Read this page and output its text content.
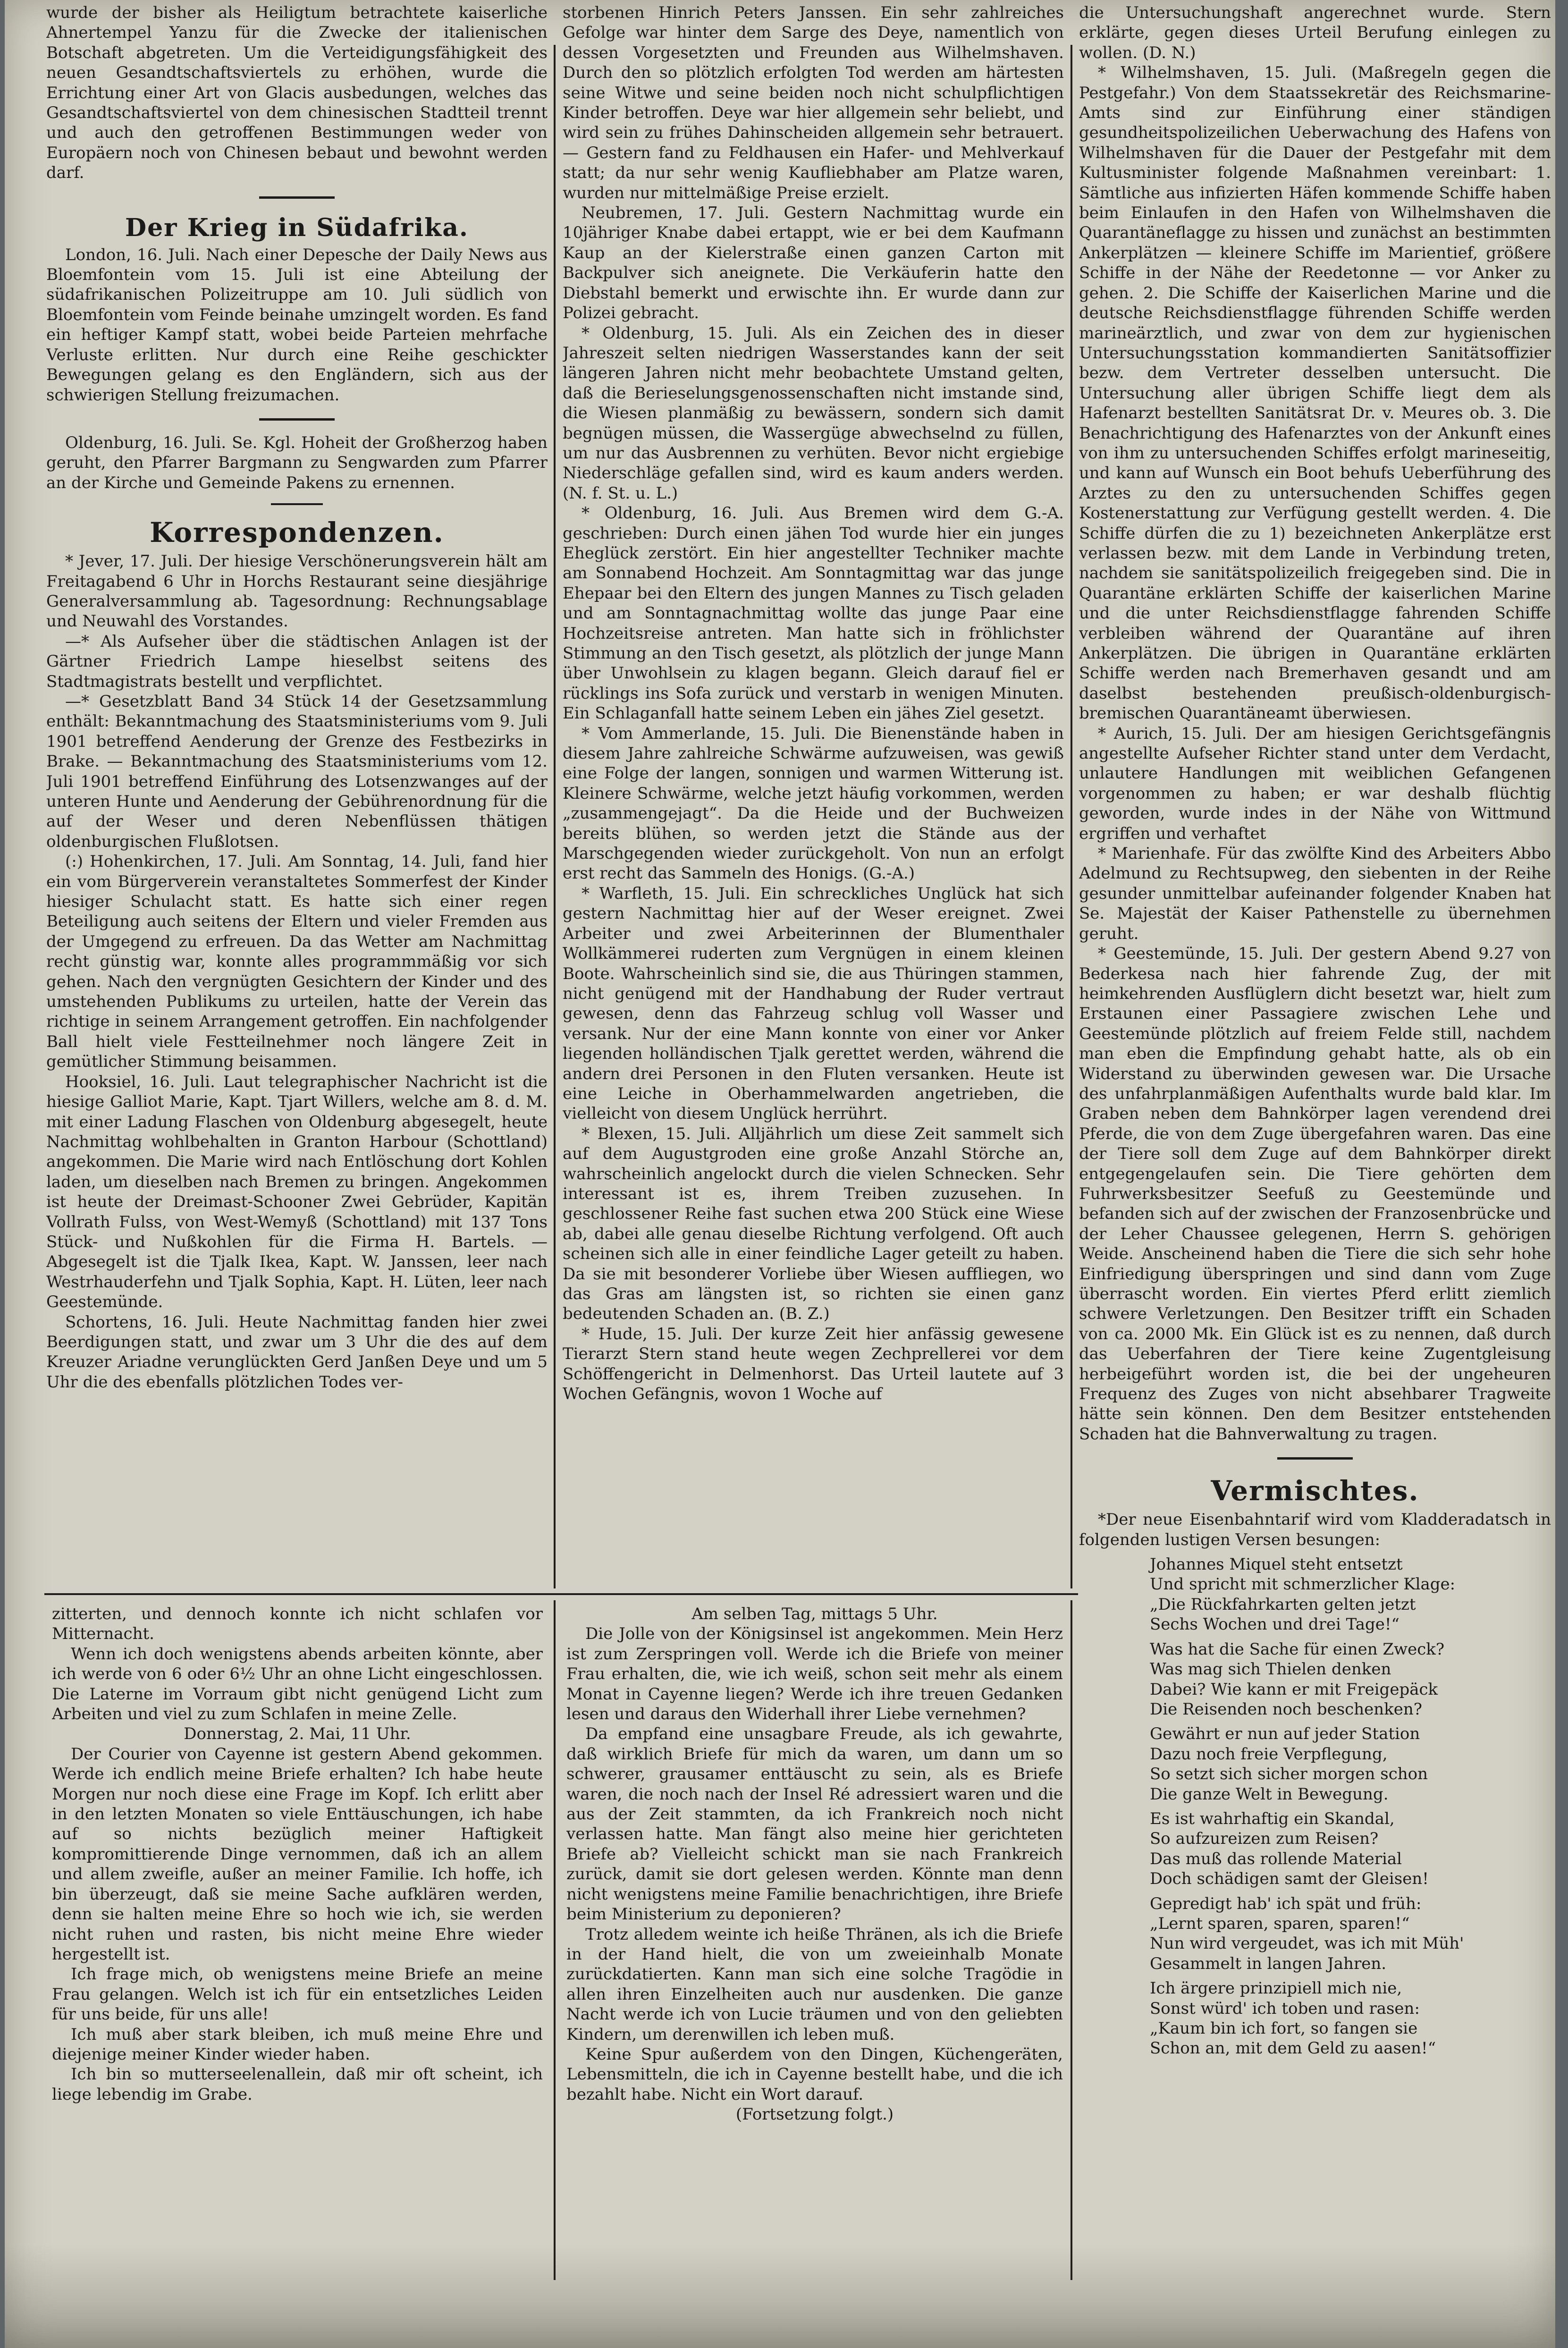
wurde der bisher als Heiligtum betrachtete kaiserliche Ahnertempel Yanzu für die Zwecke der italienischen Botschaft abgetreten. Um die Verteidigungsfähigkeit des neuen Gesandtschaftsviertels zu erhöhen, wurde die Errichtung einer Art von Glacis ausbedungen, welches das Gesandtschaftsviertel von dem chinesischen Stadtteil trennt und auch den getroffenen Bestimmungen weder von Europäern noch von Chinesen bebaut und bewohnt werden darf.

Der Krieg in Südafrika.

London, 16. Juli. Nach einer Depesche der Daily News aus Bloemfontein vom 15. Juli ist eine Abteilung der südafrikanischen Polizeitruppe am 10. Juli südlich von Bloemfontein vom Feinde beinahe umzingelt worden. Es fand ein heftiger Kampf statt, wobei beide Parteien mehrfache Verluste erlitten. Nur durch eine Reihe geschickter Bewegungen gelang es den Engländern, sich aus der schwierigen Stellung freizumachen.

Oldenburg, 16. Juli. Se. Kgl. Hoheit der Großherzog haben geruht, den Pfarrer Bargmann zu Sengwarden zum Pfarrer an der Kirche und Gemeinde Pakens zu ernennen.

Korrespondenzen.

* Jever, 17. Juli. Der hiesige Verschönerungsverein hält am Freitagabend 6 Uhr in Horchs Restaurant seine diesjährige Generalversammlung ab. Tagesordnung: Rechnungsablage und Neuwahl des Vorstandes.

—* Als Aufseher über die städtischen Anlagen ist der Gärtner Friedrich Lampe hieselbst seitens des Stadtmagistrats bestellt und verpflichtet.

—* Gesetzblatt Band 34 Stück 14 der Gesetzsammlung enthält: Bekanntmachung des Staatsministeriums vom 9. Juli 1901 betreffend Aenderung der Grenze des Festbezirks in Brake. — Bekanntmachung des Staatsministeriums vom 12. Juli 1901 betreffend Einführung des Lotsenzwanges auf der unteren Hunte und Aenderung der Gebührenordnung für die auf der Weser und deren Nebenflüssen thätigen oldenburgischen Flußlotsen.

(:) Hohenkirchen, 17. Juli. Am Sonntag, 14. Juli, fand hier ein vom Bürgerverein veranstaltetes Sommerfest der Kinder hiesiger Schulacht statt. Es hatte sich einer regen Beteiligung auch seitens der Eltern und vieler Fremden aus der Umgegend zu erfreuen. Da das Wetter am Nachmittag recht günstig war, konnte alles programmmäßig vor sich gehen. Nach den vergnügten Gesichtern der Kinder und des umstehenden Publikums zu urteilen, hatte der Verein das richtige in seinem Arrangement getroffen. Ein nachfolgender Ball hielt viele Festteilnehmer noch längere Zeit in gemütlicher Stimmung beisammen.

Hooksiel, 16. Juli. Laut telegraphischer Nachricht ist die hiesige Galliot Marie, Kapt. Tjart Willers, welche am 8. d. M. mit einer Ladung Flaschen von Oldenburg abgesegelt, heute Nachmittag wohlbehalten in Granton Harbour (Schottland) angekommen. Die Marie wird nach Entlöschung dort Kohlen laden, um dieselben nach Bremen zu bringen. Angekommen ist heute der Dreimast-Schooner Zwei Gebrüder, Kapitän Vollrath Fulss, von West-Wemyß (Schottland) mit 137 Tons Stück- und Nußkohlen für die Firma H. Bartels. — Abgesegelt ist die Tjalk Ikea, Kapt. W. Janssen, leer nach Westrhauderfehn und Tjalk Sophia, Kapt. H. Lüten, leer nach Geestemünde.

Schortens, 16. Juli. Heute Nachmittag fanden hier zwei Beerdigungen statt, und zwar um 3 Uhr die des auf dem Kreuzer Ariadne verunglückten Gerd Janßen Deye und um 5 Uhr die des ebenfalls plötzlichen Todes ver-

storbenen Hinrich Peters Janssen. Ein sehr zahlreiches Gefolge war hinter dem Sarge des Deye, namentlich von dessen Vorgesetzten und Freunden aus Wilhelmshaven. Durch den so plötzlich erfolgten Tod werden am härtesten seine Witwe und seine beiden noch nicht schulpflichtigen Kinder betroffen. Deye war hier allgemein sehr beliebt, und wird sein zu frühes Dahinscheiden allgemein sehr betrauert. — Gestern fand zu Feldhausen ein Hafer- und Mehlverkauf statt; da nur sehr wenig Kaufliebhaber am Platze waren, wurden nur mittelmäßige Preise erzielt.

Neubremen, 17. Juli. Gestern Nachmittag wurde ein 10jähriger Knabe dabei ertappt, wie er bei dem Kaufmann Kaup an der Kielerstraße einen ganzen Carton mit Backpulver sich aneignete. Die Verkäuferin hatte den Diebstahl bemerkt und erwischte ihn. Er wurde dann zur Polizei gebracht.

* Oldenburg, 15. Juli. Als ein Zeichen des in dieser Jahreszeit selten niedrigen Wasserstandes kann der seit längeren Jahren nicht mehr beobachtete Umstand gelten, daß die Berieselungsgenossenschaften nicht imstande sind, die Wiesen planmäßig zu bewässern, sondern sich damit begnügen müssen, die Wassergüge abwechselnd zu füllen, um nur das Ausbrennen zu verhüten. Bevor nicht ergiebige Niederschläge gefallen sind, wird es kaum anders werden. (N. f. St. u. L.)

* Oldenburg, 16. Juli. Aus Bremen wird dem G.-A. geschrieben: Durch einen jähen Tod wurde hier ein junges Eheglück zerstört. Ein hier angestellter Techniker machte am Sonnabend Hochzeit. Am Sonntagmittag war das junge Ehepaar bei den Eltern des jungen Mannes zu Tisch geladen und am Sonntagnachmittag wollte das junge Paar eine Hochzeitsreise antreten. Man hatte sich in fröhlichster Stimmung an den Tisch gesetzt, als plötzlich der junge Mann über Unwohlsein zu klagen begann. Gleich darauf fiel er rücklings ins Sofa zurück und verstarb in wenigen Minuten. Ein Schlaganfall hatte seinem Leben ein jähes Ziel gesetzt.

* Vom Ammerlande, 15. Juli. Die Bienenstände haben in diesem Jahre zahlreiche Schwärme aufzuweisen, was gewiß eine Folge der langen, sonnigen und warmen Witterung ist. Kleinere Schwärme, welche jetzt häufig vorkommen, werden „zusammengejagt“. Da die Heide und der Buchweizen bereits blühen, so werden jetzt die Stände aus der Marschgegenden wieder zurückgeholt. Von nun an erfolgt erst recht das Sammeln des Honigs. (G.-A.)

* Warfleth, 15. Juli. Ein schreckliches Unglück hat sich gestern Nachmittag hier auf der Weser ereignet. Zwei Arbeiter und zwei Arbeiterinnen der Blumenthaler Wollkämmerei ruderten zum Vergnügen in einem kleinen Boote. Wahrscheinlich sind sie, die aus Thüringen stammen, nicht genügend mit der Handhabung der Ruder vertraut gewesen, denn das Fahrzeug schlug voll Wasser und versank. Nur der eine Mann konnte von einer vor Anker liegenden holländischen Tjalk gerettet werden, während die andern drei Personen in den Fluten versanken. Heute ist eine Leiche in Oberhammelwarden angetrieben, die vielleicht von diesem Unglück herrührt.

* Blexen, 15. Juli. Alljährlich um diese Zeit sammelt sich auf dem Augustgroden eine große Anzahl Störche an, wahrscheinlich angelockt durch die vielen Schnecken. Sehr interessant ist es, ihrem Treiben zuzusehen. In geschlossener Reihe fast suchen etwa 200 Stück eine Wiese ab, dabei alle genau dieselbe Richtung verfolgend. Oft auch scheinen sich alle in einer feindliche Lager geteilt zu haben. Da sie mit besonderer Vorliebe über Wiesen auffliegen, wo das Gras am längsten ist, so richten sie einen ganz bedeutenden Schaden an. (B. Z.)

* Hude, 15. Juli. Der kurze Zeit hier anfässig gewesene Tierarzt Stern stand heute wegen Zechprellerei vor dem Schöffengericht in Delmenhorst. Das Urteil lautete auf 3 Wochen Gefängnis, wovon 1 Woche auf

die Untersuchungshaft angerechnet wurde. Stern erklärte, gegen dieses Urteil Berufung einlegen zu wollen. (D. N.)

* Wilhelmshaven, 15. Juli. (Maßregeln gegen die Pestgefahr.) Von dem Staatssekretär des Reichsmarine-Amts sind zur Einführung einer ständigen gesundheitspolizeilichen Ueberwachung des Hafens von Wilhelmshaven für die Dauer der Pestgefahr mit dem Kultusminister folgende Maßnahmen vereinbart: 1. Sämtliche aus infizierten Häfen kommende Schiffe haben beim Einlaufen in den Hafen von Wilhelmshaven die Quarantäneflagge zu hissen und zunächst an bestimmten Ankerplätzen — kleinere Schiffe im Marientief, größere Schiffe in der Nähe der Reedetonne — vor Anker zu gehen. 2. Die Schiffe der Kaiserlichen Marine und die deutsche Reichsdienstflagge führenden Schiffe werden marineärztlich, und zwar von dem zur hygienischen Untersuchungsstation kommandierten Sanitätsoffizier bezw. dem Vertreter desselben untersucht. Die Untersuchung aller übrigen Schiffe liegt dem als Hafenarzt bestellten Sanitätsrat Dr. v. Meures ob. 3. Die Benachrichtigung des Hafenarztes von der Ankunft eines von ihm zu untersuchenden Schiffes erfolgt marineseitig, und kann auf Wunsch ein Boot behufs Ueberführung des Arztes zu den zu untersuchenden Schiffes gegen Kostenerstattung zur Verfügung gestellt werden. 4. Die Schiffe dürfen die zu 1) bezeichneten Ankerplätze erst verlassen bezw. mit dem Lande in Verbindung treten, nachdem sie sanitätspolizeilich freigegeben sind. Die in Quarantäne erklärten Schiffe der kaiserlichen Marine und die unter Reichsdienstflagge fahrenden Schiffe verbleiben während der Quarantäne auf ihren Ankerplätzen. Die übrigen in Quarantäne erklärten Schiffe werden nach Bremerhaven gesandt und am daselbst bestehenden preußisch-oldenburgisch-bremischen Quarantäneamt überwiesen.

* Aurich, 15. Juli. Der am hiesigen Gerichtsgefängnis angestellte Aufseher Richter stand unter dem Verdacht, unlautere Handlungen mit weiblichen Gefangenen vorgenommen zu haben; er war deshalb flüchtig geworden, wurde indes in der Nähe von Wittmund ergriffen und verhaftet

* Marienhafe. Für das zwölfte Kind des Arbeiters Abbo Adelmund zu Rechtsupweg, den siebenten in der Reihe gesunder unmittelbar aufeinander folgender Knaben hat Se. Majestät der Kaiser Pathenstelle zu übernehmen geruht.

* Geestemünde, 15. Juli. Der gestern Abend 9.27 von Bederkesa nach hier fahrende Zug, der mit heimkehrenden Ausflüglern dicht besetzt war, hielt zum Erstaunen einer Passagiere zwischen Lehe und Geestemünde plötzlich auf freiem Felde still, nachdem man eben die Empfindung gehabt hatte, als ob ein Widerstand zu überwinden gewesen war. Die Ursache des unfahrplanmäßigen Aufenthalts wurde bald klar. Im Graben neben dem Bahnkörper lagen verendend drei Pferde, die von dem Zuge übergefahren waren. Das eine der Tiere soll dem Zuge auf dem Bahnkörper direkt entgegengelaufen sein. Die Tiere gehörten dem Fuhrwerksbesitzer Seefuß zu Geestemünde und befanden sich auf der zwischen der Franzosenbrücke und der Leher Chaussee gelegenen, Herrn S. gehörigen Weide. Anscheinend haben die Tiere die sich sehr hohe Einfriedigung überspringen und sind dann vom Zuge überrascht worden. Ein viertes Pferd erlitt ziemlich schwere Verletzungen. Den Besitzer trifft ein Schaden von ca. 2000 Mk. Ein Glück ist es zu nennen, daß durch das Ueberfahren der Tiere keine Zugentgleisung herbeigeführt worden ist, die bei der ungeheuren Frequenz des Zuges von nicht absehbarer Tragweite hätte sein können. Den dem Besitzer entstehenden Schaden hat die Bahnverwaltung zu tragen.

Vermischtes.

*Der neue Eisenbahntarif wird vom Kladderadatsch in folgenden lustigen Versen besungen:

Johannes Miquel steht entsetzt

Und spricht mit schmerzlicher Klage:

„Die Rückfahrkarten gelten jetzt

Sechs Wochen und drei Tage!“

Was hat die Sache für einen Zweck?

Was mag sich Thielen denken

Dabei? Wie kann er mit Freigepäck

Die Reisenden noch beschenken?

Gewährt er nun auf jeder Station

Dazu noch freie Verpflegung,

So setzt sich sicher morgen schon

Die ganze Welt in Bewegung.

Es ist wahrhaftig ein Skandal,

So aufzureizen zum Reisen?

Das muß das rollende Material

Doch schädigen samt der Gleisen!

Gepredigt hab' ich spät und früh:

„Lernt sparen, sparen, sparen!“

Nun wird vergeudet, was ich mit Müh'

Gesammelt in langen Jahren.

Ich ärgere prinzipiell mich nie,

Sonst würd' ich toben und rasen:

„Kaum bin ich fort, so fangen sie

Schon an, mit dem Geld zu aasen!“

zitterten, und dennoch konnte ich nicht schlafen vor Mitternacht.

Wenn ich doch wenigstens abends arbeiten könnte, aber ich werde von 6 oder 6½ Uhr an ohne Licht eingeschlossen. Die Laterne im Vorraum gibt nicht genügend Licht zum Arbeiten und viel zu zum Schlafen in meine Zelle.

Donnerstag, 2. Mai, 11 Uhr.

Der Courier von Cayenne ist gestern Abend gekommen. Werde ich endlich meine Briefe erhalten? Ich habe heute Morgen nur noch diese eine Frage im Kopf. Ich erlitt aber in den letzten Monaten so viele Enttäuschungen, ich habe auf so nichts bezüglich meiner Haftigkeit kompromittierende Dinge vernommen, daß ich an allem und allem zweifle, außer an meiner Familie. Ich hoffe, ich bin überzeugt, daß sie meine Sache aufklären werden, denn sie halten meine Ehre so hoch wie ich, sie werden nicht ruhen und rasten, bis nicht meine Ehre wieder hergestellt ist.

Ich frage mich, ob wenigstens meine Briefe an meine Frau gelangen. Welch ist ich für ein entsetzliches Leiden für uns beide, für uns alle!

Ich muß aber stark bleiben, ich muß meine Ehre und diejenige meiner Kinder wieder haben.

Ich bin so mutterseelenallein, daß mir oft scheint, ich liege lebendig im Grabe.

Am selben Tag, mittags 5 Uhr.

Die Jolle von der Königsinsel ist angekommen. Mein Herz ist zum Zerspringen voll. Werde ich die Briefe von meiner Frau erhalten, die, wie ich weiß, schon seit mehr als einem Monat in Cayenne liegen? Werde ich ihre treuen Gedanken lesen und daraus den Widerhall ihrer Liebe vernehmen?

Da empfand eine unsagbare Freude, als ich gewahrte, daß wirklich Briefe für mich da waren, um dann um so schwerer, grausamer enttäuscht zu sein, als es Briefe waren, die noch nach der Insel Ré adressiert waren und die aus der Zeit stammten, da ich Frankreich noch nicht verlassen hatte. Man fängt also meine hier gerichteten Briefe ab? Vielleicht schickt man sie nach Frankreich zurück, damit sie dort gelesen werden. Könnte man denn nicht wenigstens meine Familie benachrichtigen, ihre Briefe beim Ministerium zu deponieren?

Trotz alledem weinte ich heiße Thränen, als ich die Briefe in der Hand hielt, die von um zweieinhalb Monate zurückdatierten. Kann man sich eine solche Tragödie in allen ihren Einzelheiten auch nur ausdenken. Die ganze Nacht werde ich von Lucie träumen und von den geliebten Kindern, um derenwillen ich leben muß.

Keine Spur außerdem von den Dingen, Küchengeräten, Lebensmitteln, die ich in Cayenne bestellt habe, und die ich bezahlt habe. Nicht ein Wort darauf.

(Fortsetzung folgt.)
